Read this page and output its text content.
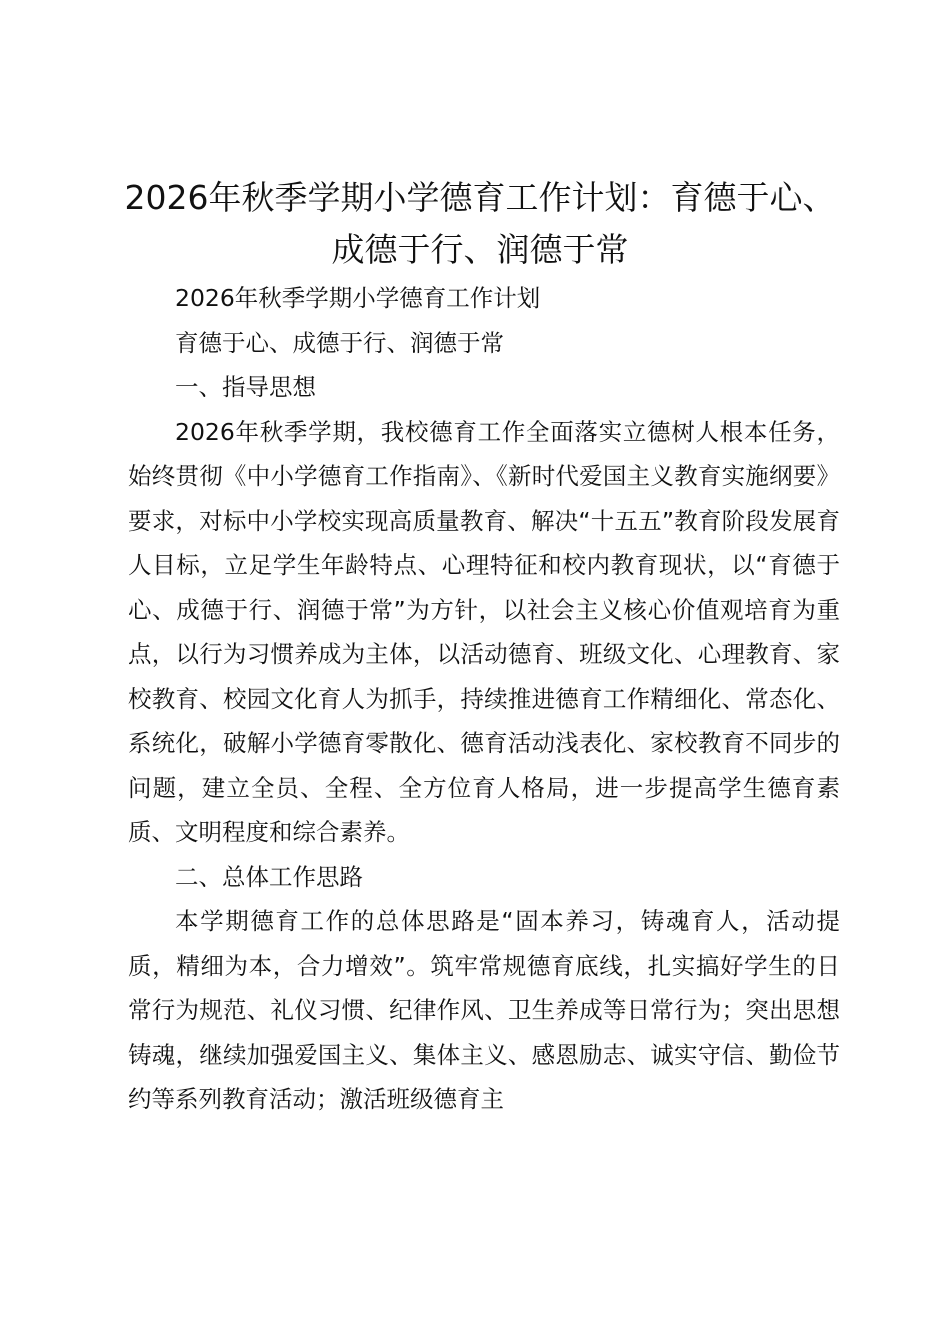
2026年秋季学期小学德育工作计划：育德于心、成德于行、润德于常

2026年秋季学期小学德育工作计划

育德于心、成德于行、润德于常

一、指导思想

2026年秋季学期，我校德育工作全面落实立德树人根本任务，始终贯彻《中小学德育工作指南》、《新时代爱国主义教育实施纲要》要求，对标中小学校实现高质量教育、解决“十五五”教育阶段发展育人目标，立足学生年龄特点、心理特征和校内教育现状，以“育德于心、成德于行、润德于常”为方针，以社会主义核心价值观培育为重点，以行为习惯养成为主体，以活动德育、班级文化、心理教育、家校教育、校园文化育人为抓手，持续推进德育工作精细化、常态化、系统化，破解小学德育零散化、德育活动浅表化、家校教育不同步的问题，建立全员、全程、全方位育人格局，进一步提高学生德育素质、文明程度和综合素养。

二、总体工作思路

本学期德育工作的总体思路是“固本养习，铸魂育人，活动提质，精细为本，合力增效”。筑牢常规德育底线，扎实搞好学生的日常行为规范、礼仪习惯、纪律作风、卫生养成等日常行为；突出思想铸魂，继续加强爱国主义、集体主义、感恩励志、诚实守信、勤俭节约等系列教育活动；激活班级德育主
